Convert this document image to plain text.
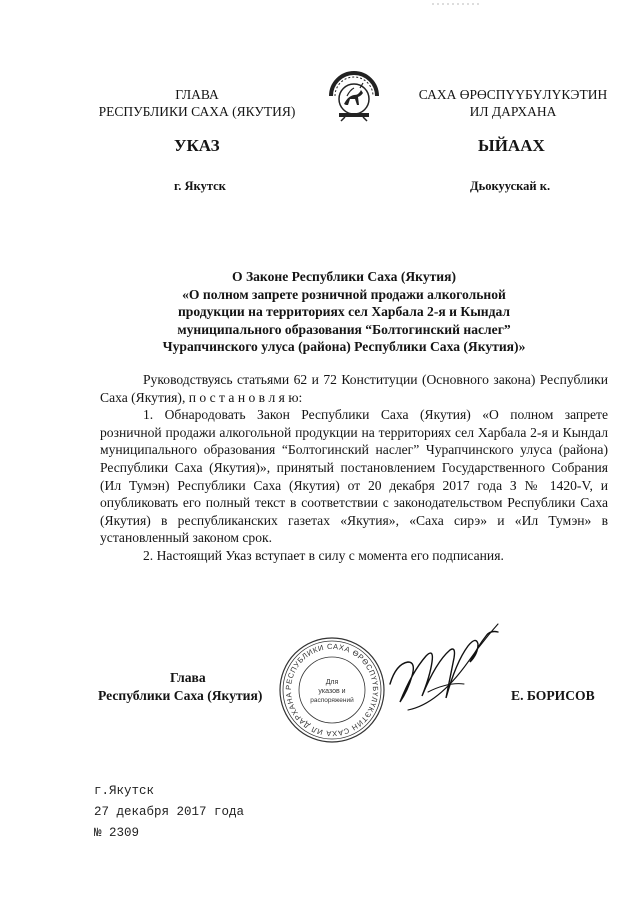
ГЛАВА
РЕСПУБЛИКИ САХА (ЯКУТИЯ)
САХА ӨРӨСПҮҮБҮЛҮКЭТИН
ИЛ ДАРХАНА
УКАЗ	ЫЙААХ
г. Якутск	Дьокуускай к.
О Законе Республики Саха (Якутия)
«О полном запрете розничной продажи алкогольной
продукции на территориях сел Харбала 2-я и Кындал
муниципального образования “Болтогинский наслег”
Чурапчинского улуса (района) Республики Саха (Якутия)»

Руководствуясь статьями 62 и 72 Конституции (Основного закона) Республики Саха (Якутия), п о с т а н о в л я ю:

1. Обнародовать Закон Республики Саха (Якутия) «О полном запрете розничной продажи алкогольной продукции на территориях сел Харбала 2-я и Кындал муниципального образования “Болтогинский наслег” Чурапчинского улуса (района) Республики Саха (Якутия)», принятый постановлением Государственного Собрания (Ил Тумэн) Республики Саха (Якутия) от 20 декабря 2017 года З № 1420-V, и опубликовать его полный текст в соответствии с законодательством Республики Саха (Якутия) в республиканских газетах «Якутия», «Саха сирэ» и «Ил Тумэн» в установленный законом срок.

2. Настоящий Указ вступает в силу с момента его подписания.

Глава
Республики Саха (Якутия)
РЕСПУБЛИКИ САХА ӨРӨСПҮҮБҮЛҮКЭТИН САХА ИЛ ДАРХАНА
Для
указов и
распоряжений	Е. БОРИСОВ
г.Якутск
27 декабря 2017 года
№ 2309
